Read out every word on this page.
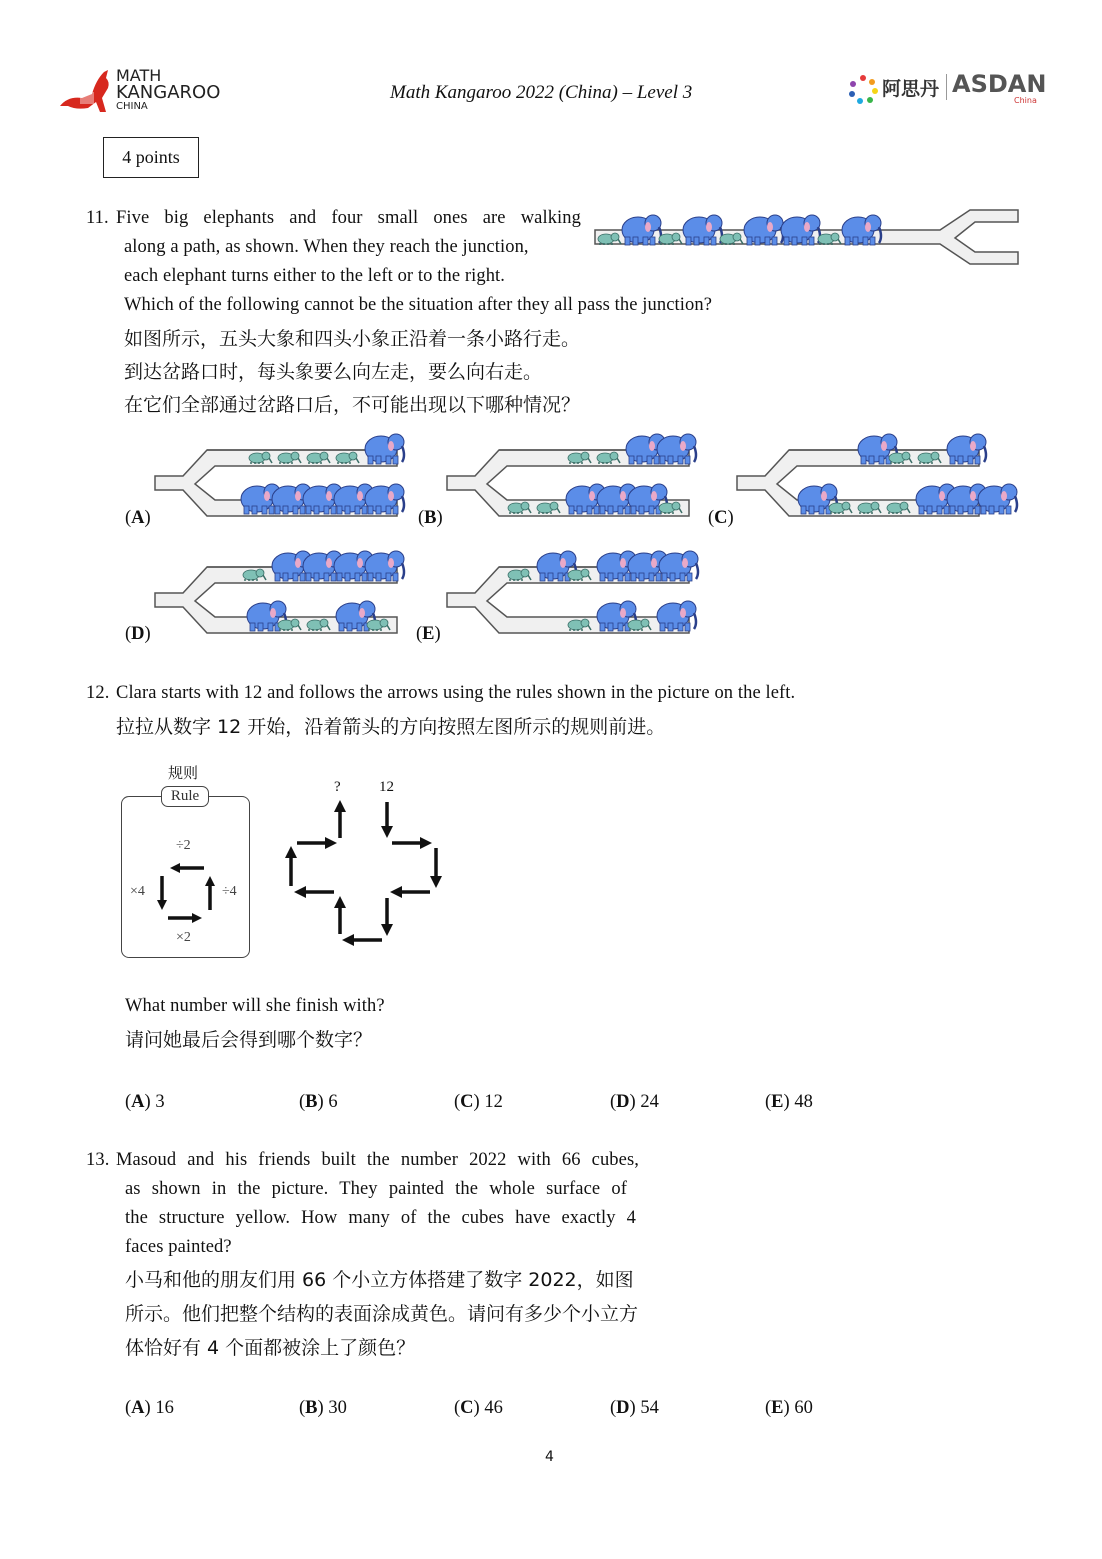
MATH
KANGAROO
CHINA
Math Kangaroo 2022 (China) – Level 3	阿思丹 ASDAN
China
4 points
11. Five big elephants and four small ones are walking
along a path, as shown. When they reach the junction,
each elephant turns either to the left or to the right.
Which of the following cannot be the situation after they all pass the junction?
如图所示，五头大象和四头小象正沿着一条小路行走。
到达岔路口时，每头象要么向左走，要么向右走。
在它们全部通过岔路口后，不可能出现以下哪种情况？
(A)	(B)	(C)
(D)	(E)
12. Clara starts with 12 and follows the arrows using the rules shown in the picture on the left.
拉拉从数字 12 开始，沿着箭头的方向按照左图所示的规则前进。
规则
Rule
÷2
÷4
×2
×4
?	12
What number will she finish with?
请问她最后会得到哪个数字？
(A) 3	(B) 6	(C) 12	(D) 24	(E) 48
13. Masoud and his friends built the number 2022 with 66 cubes,
as shown in the picture. They painted the whole surface of
the structure yellow. How many of the cubes have exactly 4
faces painted?
小马和他的朋友们用 66 个小立方体搭建了数字 2022，如图
所示。他们把整个结构的表面涂成黄色。请问有多少个小立方
体恰好有 4 个面都被涂上了颜色？
(A) 16	(B) 30	(C) 46	(D) 54	(E) 60
4
